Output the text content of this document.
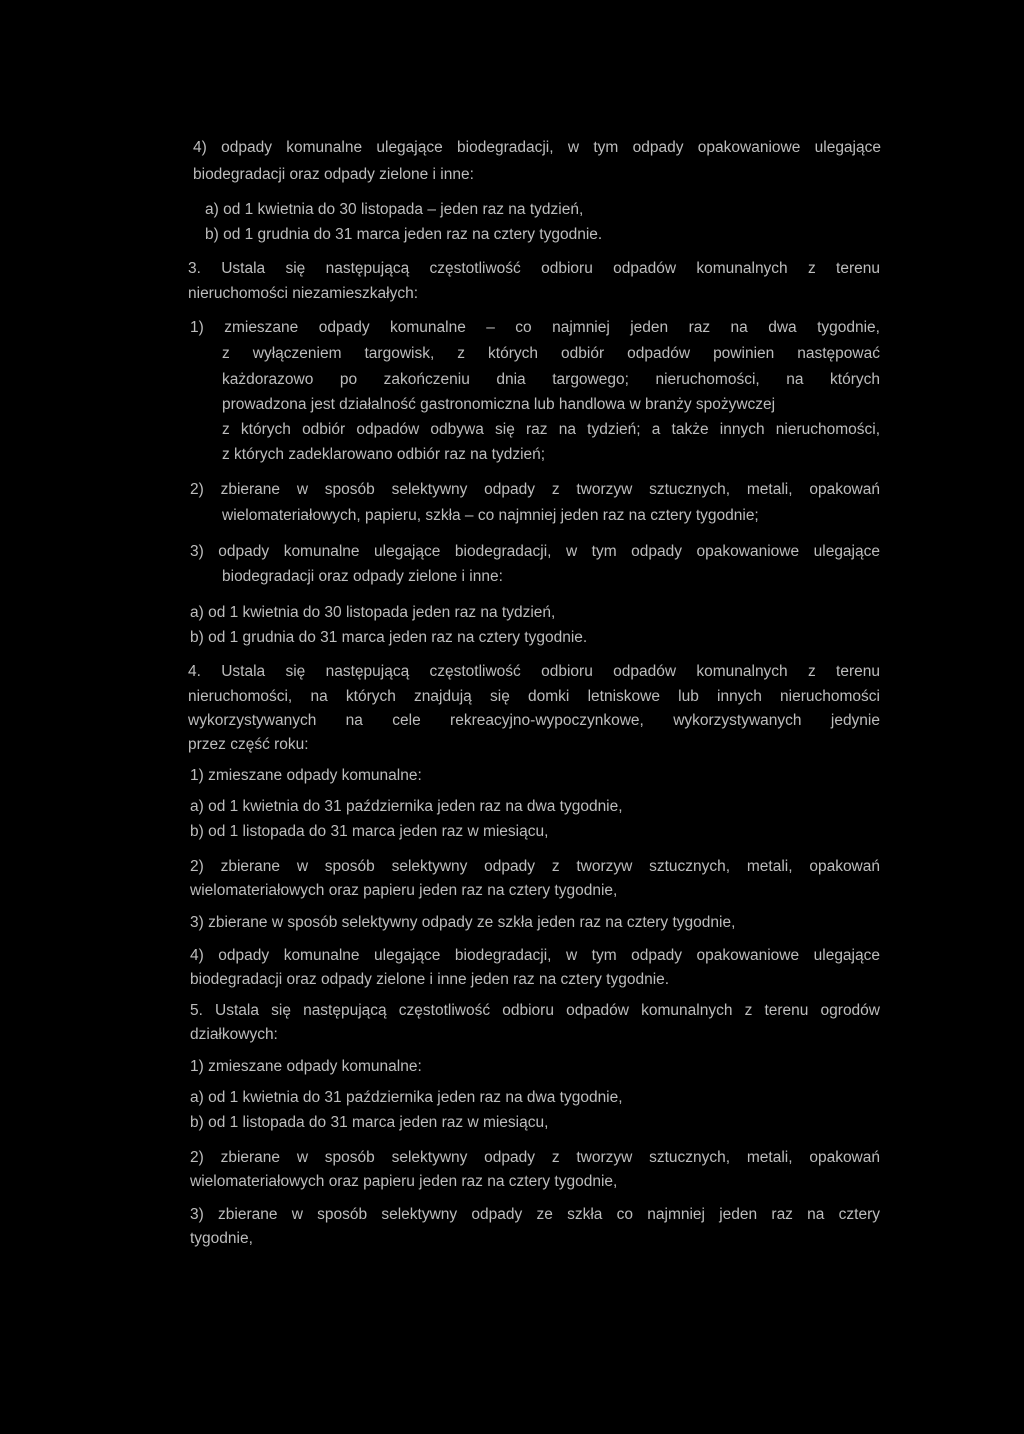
4) odpady komunalne ulegające biodegradacji, w tym odpady opakowaniowe ulegające
biodegradacji oraz odpady zielone i inne:
a) od 1 kwietnia do 30 listopada – jeden raz na tydzień,
b) od 1 grudnia do 31 marca jeden raz na cztery tygodnie.
3. Ustala się następującą częstotliwość odbioru odpadów komunalnych z terenu
nieruchomości niezamieszkałych:
1) zmieszane odpady komunalne – co najmniej jeden raz na dwa tygodnie,
z wyłączeniem targowisk, z których odbiór odpadów powinien następować
każdorazowo po zakończeniu dnia targowego; nieruchomości, na których
prowadzona jest działalność gastronomiczna lub handlowa w branży spożywczej
z których odbiór odpadów odbywa się raz na tydzień; a także innych nieruchomości,
z których zadeklarowano odbiór raz na tydzień;
2) zbierane w sposób selektywny odpady z tworzyw sztucznych, metali, opakowań
wielomateriałowych, papieru, szkła – co najmniej jeden raz na cztery tygodnie;
3) odpady komunalne ulegające biodegradacji, w tym odpady opakowaniowe ulegające
biodegradacji oraz odpady zielone i inne:
a) od 1 kwietnia do 30 listopada jeden raz na tydzień,
b) od 1 grudnia do 31 marca jeden raz na cztery tygodnie.
4. Ustala się następującą częstotliwość odbioru odpadów komunalnych z terenu
nieruchomości, na których znajdują się domki letniskowe lub innych nieruchomości
wykorzystywanych na cele rekreacyjno-wypoczynkowe, wykorzystywanych jedynie
przez część roku:
1) zmieszane odpady komunalne:
a) od 1 kwietnia do 31 października jeden raz na dwa tygodnie,
b) od 1 listopada do 31 marca jeden raz w miesiącu,
2) zbierane w sposób selektywny odpady z tworzyw sztucznych, metali, opakowań
wielomateriałowych oraz papieru jeden raz na cztery tygodnie,
3) zbierane w sposób selektywny odpady ze szkła jeden raz na cztery tygodnie,
4) odpady komunalne ulegające biodegradacji, w tym odpady opakowaniowe ulegające
biodegradacji oraz odpady zielone i inne jeden raz na cztery tygodnie.
5. Ustala się następującą częstotliwość odbioru odpadów komunalnych z terenu ogrodów
działkowych:
1) zmieszane odpady komunalne:
a) od 1 kwietnia do 31 października jeden raz na dwa tygodnie,
b) od 1 listopada do 31 marca jeden raz w miesiącu,
2) zbierane w sposób selektywny odpady z tworzyw sztucznych, metali, opakowań
wielomateriałowych oraz papieru jeden raz na cztery tygodnie,
3) zbierane w sposób selektywny odpady ze szkła co najmniej jeden raz na cztery
tygodnie,
